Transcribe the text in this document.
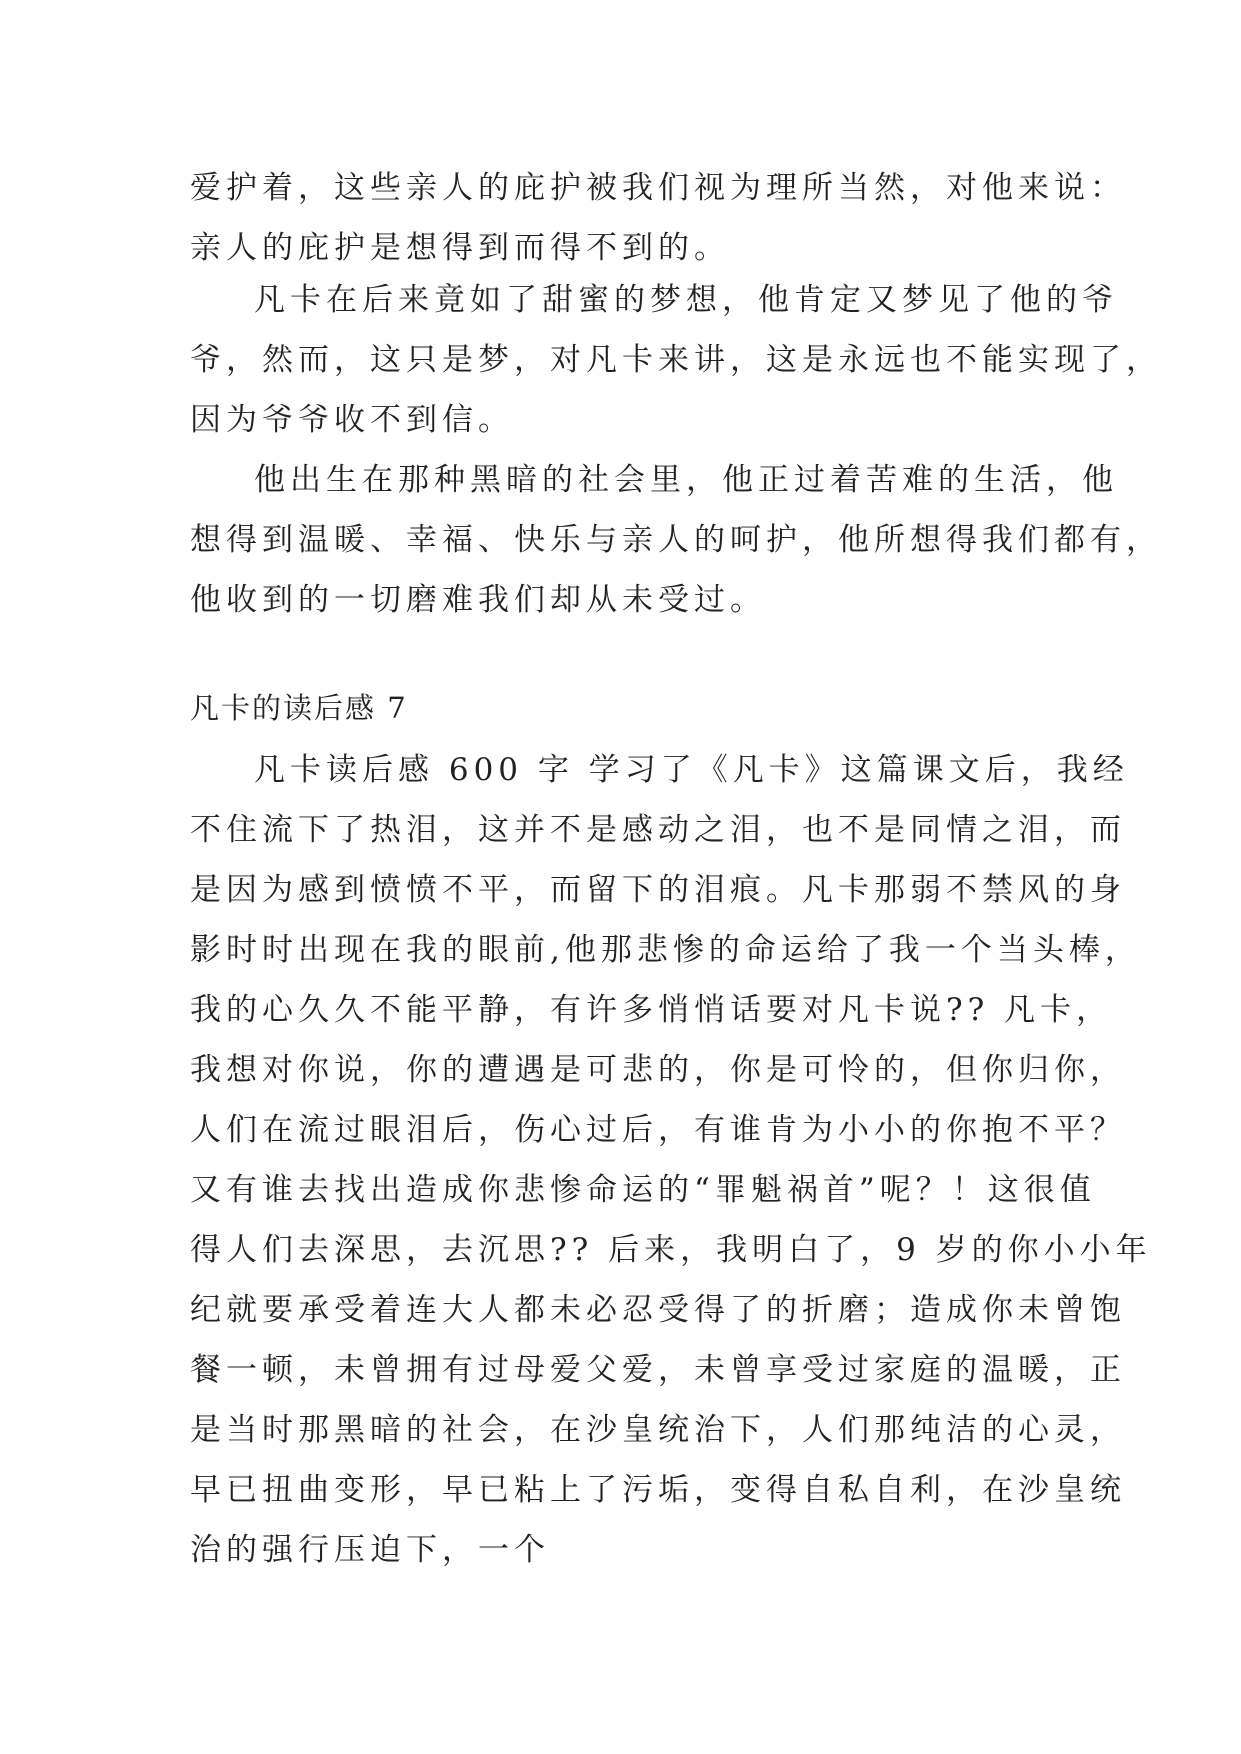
爱护着，这些亲人的庇护被我们视为理所当然，对他来说：
亲人的庇护是想得到而得不到的。
凡卡在后来竟如了甜蜜的梦想，他肯定又梦见了他的爷
爷，然而，这只是梦，对凡卡来讲，这是永远也不能实现了，
因为爷爷收不到信。
他出生在那种黑暗的社会里，他正过着苦难的生活，他
想得到温暖、幸福、快乐与亲人的呵护，他所想得我们都有，
他收到的一切磨难我们却从未受过。
凡卡的读后感 7
凡卡读后感 600 字 学习了《凡卡》这篇课文后，我经
不住流下了热泪，这并不是感动之泪，也不是同情之泪，而
是因为感到愤愤不平，而留下的泪痕。凡卡那弱不禁风的身
影时时出现在我的眼前,他那悲惨的命运给了我一个当头棒，
我的心久久不能平静，有许多悄悄话要对凡卡说?? 凡卡，
我想对你说，你的遭遇是可悲的，你是可怜的，但你归你，
人们在流过眼泪后，伤心过后，有谁肯为小小的你抱不平？
又有谁去找出造成你悲惨命运的“罪魁祸首”呢？！这很值
得人们去深思，去沉思?? 后来，我明白了，9 岁的你小小年
纪就要承受着连大人都未必忍受得了的折磨；造成你未曾饱
餐一顿，未曾拥有过母爱父爱，未曾享受过家庭的温暖，正
是当时那黑暗的社会，在沙皇统治下，人们那纯洁的心灵，
早已扭曲变形，早已粘上了污垢，变得自私自利，在沙皇统
治的强行压迫下，一个
